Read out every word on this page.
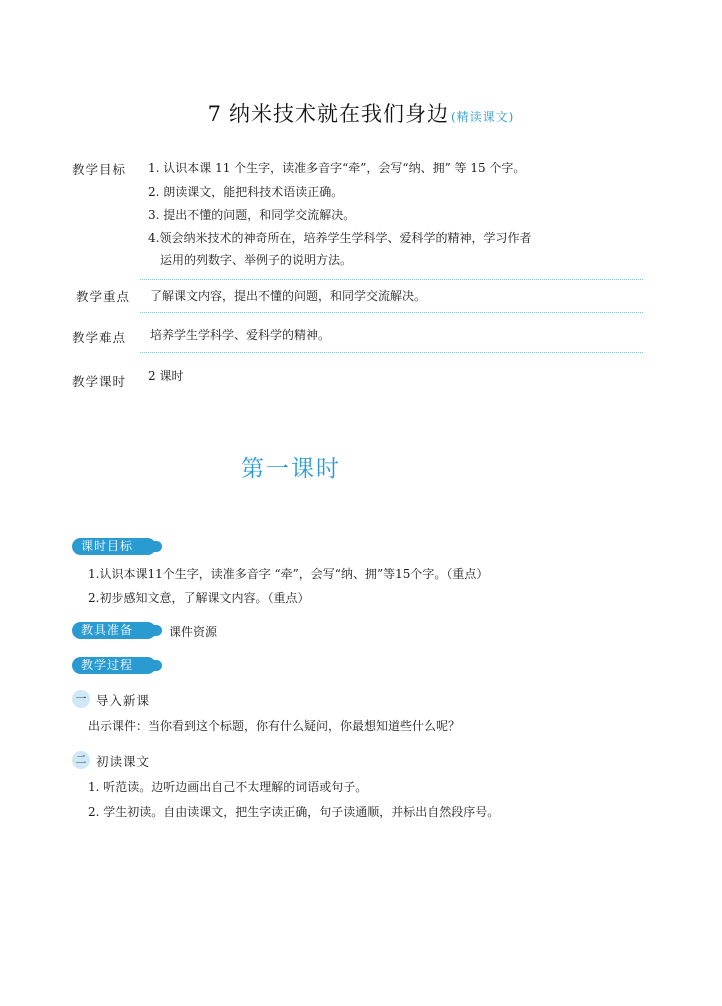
7 纳米技术就在我们身边 (精读课文)
教学目标	1. 认识本课 11 个生字，读准多音字“牵”，会写“纳、拥” 等 15 个字。
2. 朗读课文，能把科技术语读正确。
3. 提出不懂的问题，和同学交流解决。
4.领会纳米技术的神奇所在，培养学生学科学、爱科学的精神，学习作者
运用的列数字、举例子的说明方法。
教学重点	了解课文内容，提出不懂的问题，和同学交流解决。
教学难点	培养学生学科学、爱科学的精神。
教学课时	2 课时
第一课时
课时目标
1.认识本课11个生字，读准多音字 “牵”，会写“纳、拥”等15个字。（重点）
2.初步感知文意，了解课文内容。（重点）
教具准备	课件资源
教学过程
一 导入新课
出示课件：当你看到这个标题，你有什么疑问，你最想知道些什么呢？
二 初读课文
1. 听范读。边听边画出自己不太理解的词语或句子。
2. 学生初读。自由读课文，把生字读正确，句子读通顺，并标出自然段序号。
